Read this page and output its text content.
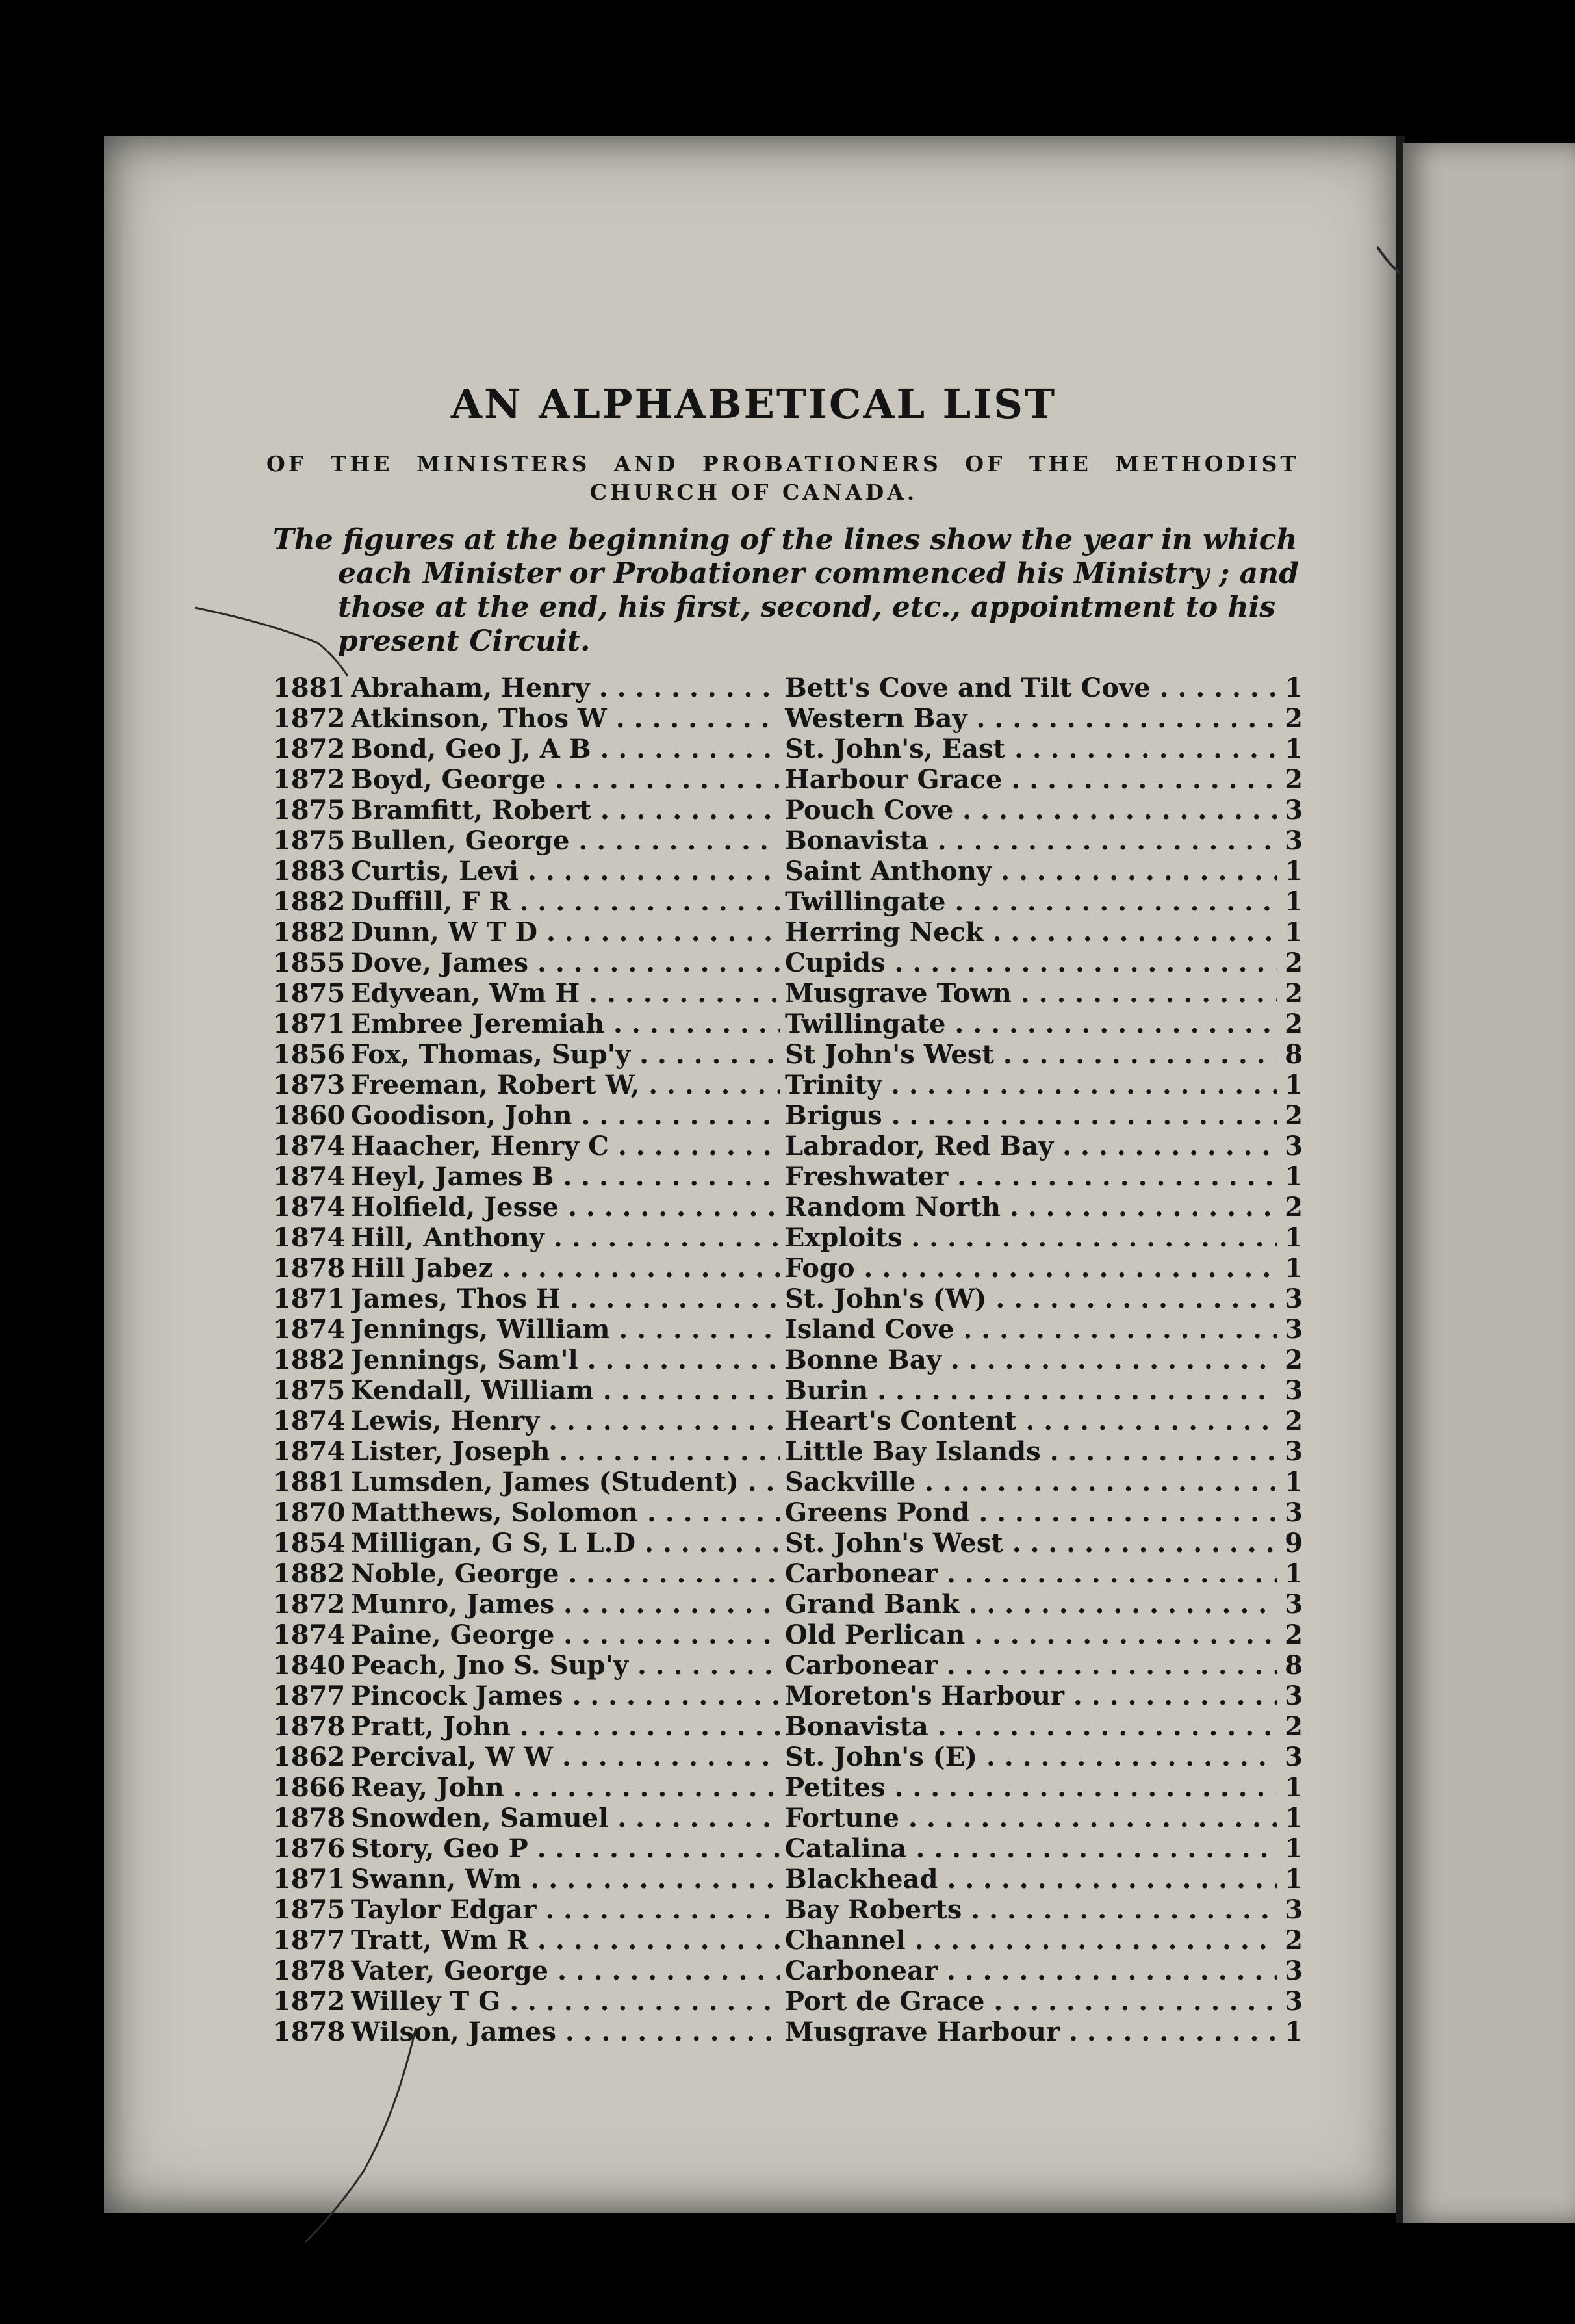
AN ALPHABETICAL LIST
OF THE MINISTERS AND PROBATIONERS OF THE METHODIST
CHURCH OF CANADA.

The figures at the beginning of the lines show the year in which

each Minister or Probationer commenced his Ministry ; and

those at the end, his first, second, etc., appointment to his

present Circuit.

1881 Abraham, Henry . . .	Bett's Cove and Tilt Cove . . .	1
1872 Atkinson, Thos W . . .	Western Bay . . .	2
1872 Bond, Geo J, A B . . .	St. John's, East . . .	1
1872 Boyd, George . . .	Harbour Grace . . .	2
1875 Bramfitt, Robert . . .	Pouch Cove . . .	3
1875 Bullen, George . . .	Bonavista . . .	3
1883 Curtis, Levi . . .	Saint Anthony . . .	1
1882 Duffill, F R . . .	Twillingate . . .	1
1882 Dunn, W T D . . .	Herring Neck . . .	1
1855 Dove, James . . .	Cupids . . .	2
1875 Edyvean, Wm H . . .	Musgrave Town . . .	2
1871 Embree Jeremiah . . .	Twillingate . . .	2
1856 Fox, Thomas, Sup'y . . .	St John's West . . .	8
1873 Freeman, Robert W, . . .	Trinity . . .	1
1860 Goodison, John . . .	Brigus . . .	2
1874 Haacher, Henry C . . .	Labrador, Red Bay . . .	3
1874 Heyl, James B . . .	Freshwater . . .	1
1874 Holfield, Jesse . . .	Random North . . .	2
1874 Hill, Anthony . . .	Exploits . . .	1
1878 Hill Jabez . . .	Fogo . . .	1
1871 James, Thos H . . .	St. John's (W) . . .	3
1874 Jennings, William . . .	Island Cove . . .	3
1882 Jennings, Sam'l . . .	Bonne Bay . . .	2
1875 Kendall, William . . .	Burin . . .	3
1874 Lewis, Henry . . .	Heart's Content . . .	2
1874 Lister, Joseph . . .	Little Bay Islands . . .	3
1881 Lumsden, James (Student) . . .	Sackville . . .	1
1870 Matthews, Solomon . . .	Greens Pond . . .	3
1854 Milligan, G S, L L.D . . .	St. John's West . . .	9
1882 Noble, George . . .	Carbonear . . .	1
1872 Munro, James . . .	Grand Bank . . .	3
1874 Paine, George . . .	Old Perlican . . .	2
1840 Peach, Jno S. Sup'y . . .	Carbonear . . .	8
1877 Pincock James . . .	Moreton's Harbour . . .	3
1878 Pratt, John . . .	Bonavista . . .	2
1862 Percival, W W . . .	St. John's (E) . . .	3
1866 Reay, John . . .	Petites . . .	1
1878 Snowden, Samuel . . .	Fortune . . .	1
1876 Story, Geo P . . .	Catalina . . .	1
1871 Swann, Wm . . .	Blackhead . . .	1
1875 Taylor Edgar . . .	Bay Roberts . . .	3
1877 Tratt, Wm R . . .	Channel . . .	2
1878 Vater, George . . .	Carbonear . . .	3
1872 Willey T G . . .	Port de Grace . . .	3
1878 Wilson, James . . .	Musgrave Harbour . . .	1
